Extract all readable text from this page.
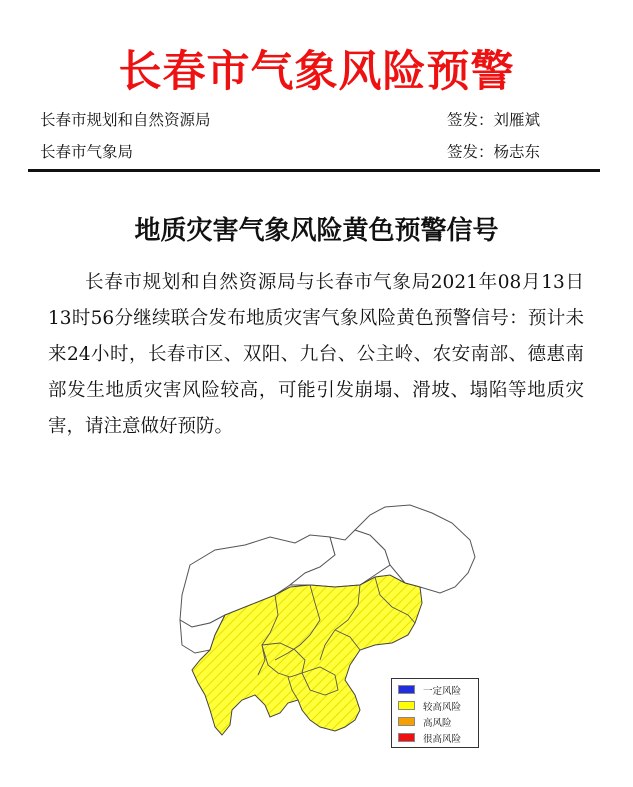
长春市气象风险预警
长春市规划和自然资源局	签发：刘雁斌
长春市气象局	签发：杨志东
地质灾害气象风险黄色预警信号

长春市规划和自然资源局与长春市气象局2021年08月13日13时56分继续联合发布地质灾害气象风险黄色预警信号：预计未来24小时，长春市区、双阳、九台、公主岭、农安南部、德惠南部发生地质灾害风险较高，可能引发崩塌、滑坡、塌陷等地质灾害，请注意做好预防。

一定风险
较高风险
高风险
很高风险
